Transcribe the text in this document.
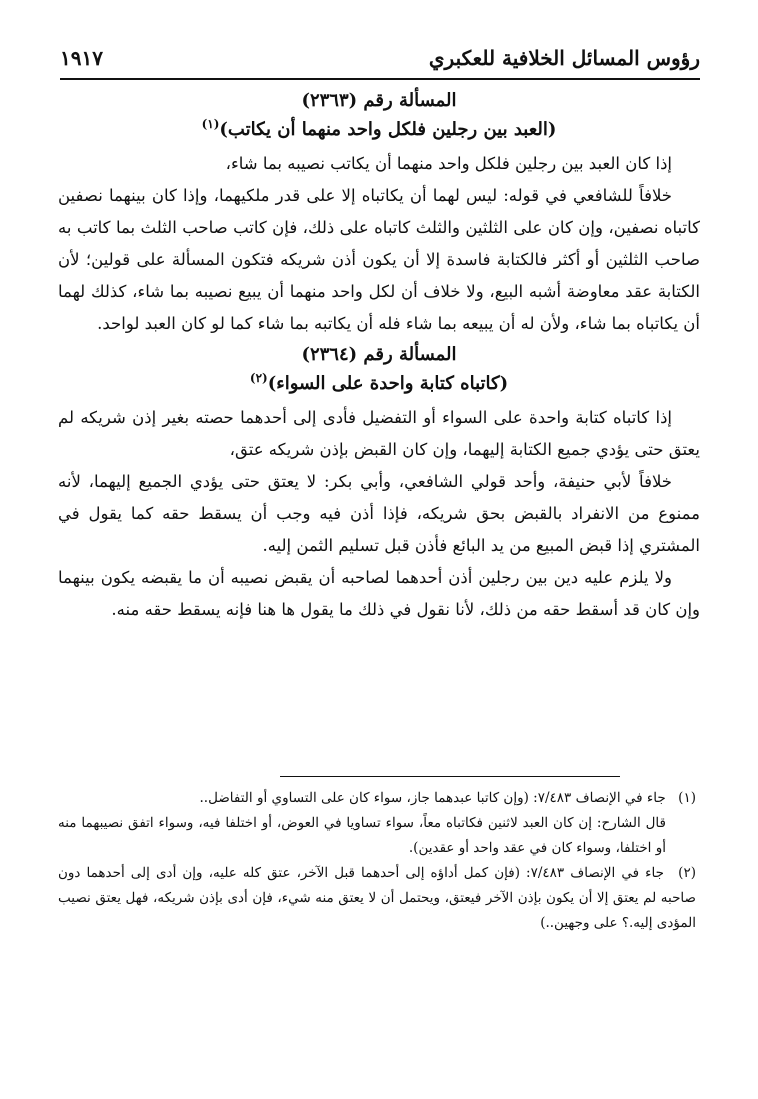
رؤوس المسائل الخلافية للعكبري
١٩١٧
المسألة رقم (٢٣٦٣)
(العبد بين رجلين فلكل واحد منهما أن يكاتب)$^{(١)}$

إذا كان العبد بين رجلين فلكل واحد منهما أن يكاتب نصيبه بما شاء،

خلافاً للشافعي في قوله: ليس لهما أن يكاتباه إلا على قدر ملكيهما، وإذا كان بينهما نصفين كاتباه نصفين، وإن كان على الثلثين والثلث كاتباه على ذلك، فإن كاتب صاحب الثلث بما كاتب به صاحب الثلثين أو أكثر فالكتابة فاسدة إلا أن يكون أذن شريكه فتكون المسألة على قولين؛ لأن الكتابة عقد معاوضة أشبه البيع، ولا خلاف أن لكل واحد منهما أن يبيع نصيبه بما شاء، كذلك لهما أن يكاتباه بما شاء، ولأن له أن يبيعه بما شاء فله أن يكاتبه بما شاء كما لو كان العبد لواحد.

المسألة رقم (٢٣٦٤)
(كاتباه كتابة واحدة على السواء)$^{(٢)}$

إذا كاتباه كتابة واحدة على السواء أو التفضيل فأدى إلى أحدهما حصته بغير إذن شريكه لم يعتق حتى يؤدي جميع الكتابة إليهما، وإن كان القبض بإذن شريكه عتق،

خلافاً لأبي حنيفة، وأحد قولي الشافعي، وأبي بكر: لا يعتق حتى يؤدي الجميع إليهما، لأنه ممنوع من الانفراد بالقبض بحق شريكه، فإذا أذن فيه وجب أن يسقط حقه كما يقول في المشتري إذا قبض المبيع من يد البائع فأذن قبل تسليم الثمن إليه.

ولا يلزم عليه دين بين رجلين أذن أحدهما لصاحبه أن يقبض نصيبه أن ما يقبضه يكون بينهما وإن كان قد أسقط حقه من ذلك، لأنا نقول في ذلك ما يقول ها هنا فإنه يسقط حقه منه.

(١) جاء في الإنصاف ٧/٤٨٣: (وإن كاتبا عبدهما جاز، سواء كان على التساوي أو التفاضل..
قال الشارح: إن كان العبد لاثنين فكاتباه معاً، سواء تساويا في العوض، أو اختلفا فيه، وسواء اتفق نصيبهما منه أو اختلفا، وسواء كان في عقد واحد أو عقدين).
(٢) جاء في الإنصاف ٧/٤٨٣: (فإن كمل أداؤه إلى أحدهما قبل الآخر، عتق كله عليه، وإن أدى إلى أحدهما دون صاحبه لم يعتق إلا أن يكون بإذن الآخر فيعتق، ويحتمل أن لا يعتق منه شيء، فإن أدى بإذن شريكه، فهل يعتق نصيب المؤدى إليه.؟ على وجهين..)
